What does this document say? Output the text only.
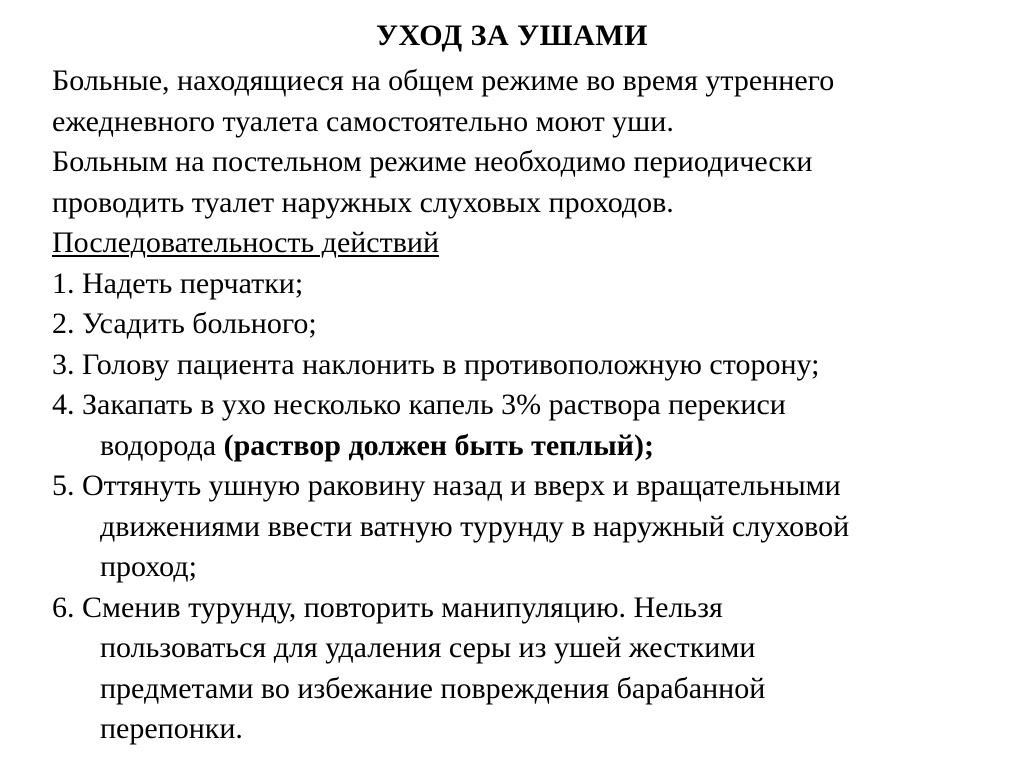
УХОД ЗА УШАМИ

Больные, находящиеся на общем режиме во время утреннего

ежедневного туалета самостоятельно моют уши.

Больным на постельном режиме необходимо периодически

проводить туалет наружных слуховых проходов.

Последовательность действий

1. Надеть перчатки;
2. Усадить больного;
3. Голову пациента наклонить в противоположную сторону;
4. Закапать в ухо несколько капель 3% раствора перекиси
водорода (раствор должен быть теплый);
5. Оттянуть ушную раковину назад и вверх и вращательными
движениями ввести ватную турунду в наружный слуховой
проход;
6. Сменив турунду, повторить манипуляцию. Нельзя
пользоваться для удаления серы из ушей жесткими
предметами во избежание повреждения барабанной
перепонки.
